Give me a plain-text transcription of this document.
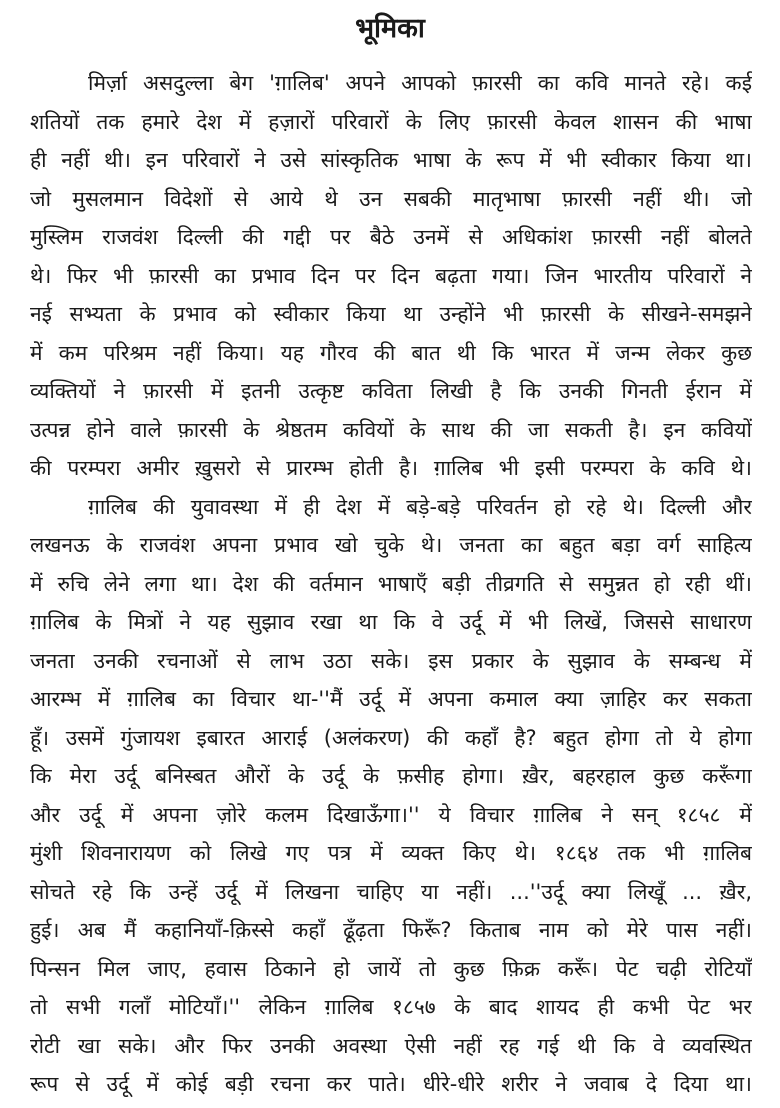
भूमिका
मिर्ज़ा असदुल्ला बेग 'ग़ालिब' अपने आपको फ़ारसी का कवि मानते रहे। कई
शतियों तक हमारे देश में हज़ारों परिवारों के लिए फ़ारसी केवल शासन की भाषा
ही नहीं थी। इन परिवारों ने उसे सांस्कृतिक भाषा के रूप में भी स्वीकार किया था।
जो मुसलमान विदेशों से आये थे उन सबकी मातृभाषा फ़ारसी नहीं थी। जो
मुस्लिम राजवंश दिल्ली की गद्दी पर बैठे उनमें से अधिकांश फ़ारसी नहीं बोलते
थे। फिर भी फ़ारसी का प्रभाव दिन पर दिन बढ़ता गया। जिन भारतीय परिवारों ने
नई सभ्यता के प्रभाव को स्वीकार किया था उन्होंने भी फ़ारसी के सीखने-समझने
में कम परिश्रम नहीं किया। यह गौरव की बात थी कि भारत में जन्म लेकर कुछ
व्यक्तियों ने फ़ारसी में इतनी उत्कृष्ट कविता लिखी है कि उनकी गिनती ईरान में
उत्पन्न होने वाले फ़ारसी के श्रेष्ठतम कवियों के साथ की जा सकती है। इन कवियों
की परम्परा अमीर ख़ुसरो से प्रारम्भ होती है। ग़ालिब भी इसी परम्परा के कवि थे।
ग़ालिब की युवावस्था में ही देश में बड़े-बड़े परिवर्तन हो रहे थे। दिल्ली और
लखनऊ के राजवंश अपना प्रभाव खो चुके थे। जनता का बहुत बड़ा वर्ग साहित्य
में रुचि लेने लगा था। देश की वर्तमान भाषाएँ बड़ी तीव्रगति से समुन्नत हो रही थीं।
ग़ालिब के मित्रों ने यह सुझाव रखा था कि वे उर्दू में भी लिखें, जिससे साधारण
जनता उनकी रचनाओं से लाभ उठा सके। इस प्रकार के सुझाव के सम्बन्ध में
आरम्भ में ग़ालिब का विचार था-''मैं उर्दू में अपना कमाल क्या ज़ाहिर कर सकता
हूँ। उसमें गुंजायश इबारत आराई (अलंकरण) की कहाँ है? बहुत होगा तो ये होगा
कि मेरा उर्दू बनिस्बत औरों के उर्दू के फ़सीह होगा। ख़ैर, बहरहाल कुछ करूँगा
और उर्दू में अपना ज़ोरे कलम दिखाऊँगा।'' ये विचार ग़ालिब ने सन् १८५८ में
मुंशी शिवनारायण को लिखे गए पत्र में व्यक्त किए थे। १८६४ तक भी ग़ालिब
सोचते रहे कि उन्हें उर्दू में लिखना चाहिए या नहीं। ...''उर्दू क्या लिखूँ ... ख़ैर,
हुई। अब मैं कहानियाँ-क़िस्से कहाँ ढूँढ़ता फिरूँ? किताब नाम को मेरे पास नहीं।
पिन्सन मिल जाए, हवास ठिकाने हो जायें तो कुछ फ़िक्र करूँ। पेट चढ़ी रोटियाँ
तो सभी गलाँ मोटियाँ।'' लेकिन ग़ालिब १८५७ के बाद शायद ही कभी पेट भर
रोटी खा सके। और फिर उनकी अवस्था ऐसी नहीं रह गई थी कि वे व्यवस्थित
रूप से उर्दू में कोई बड़ी रचना कर पाते। धीरे-धीरे शरीर ने जवाब दे दिया था।
